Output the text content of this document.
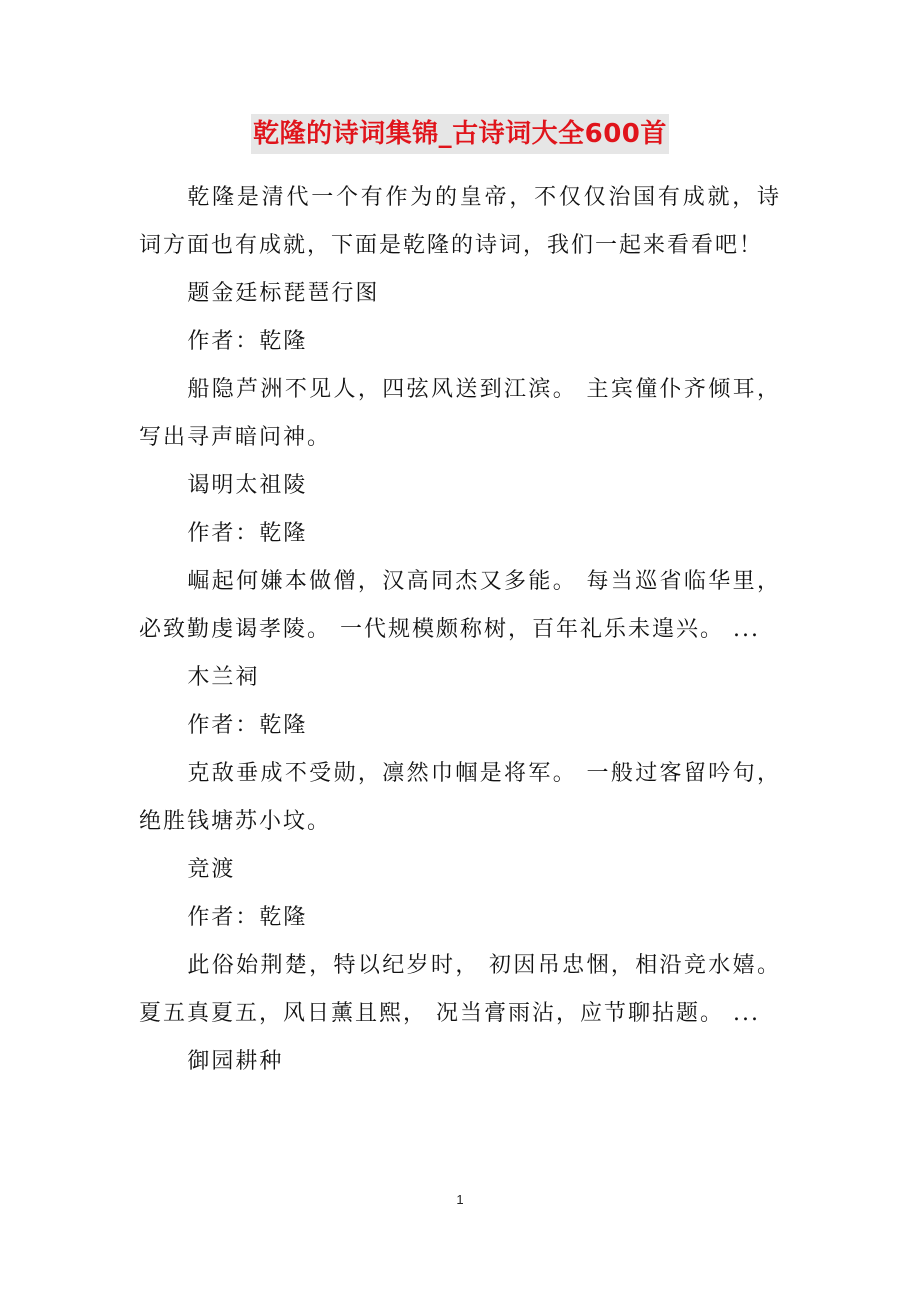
乾隆的诗词集锦_古诗词大全600首

乾隆是清代一个有作为的皇帝，不仅仅治国有成就，诗词方面也有成就，下面是乾隆的诗词，我们一起来看看吧！

题金廷标琵琶行图

作者：乾隆

船隐芦洲不见人，四弦风送到江滨。 主宾僮仆齐倾耳，写出寻声暗问神。

谒明太祖陵

作者：乾隆

崛起何嫌本做僧，汉高同杰又多能。 每当巡省临华里，必致勤虔谒孝陵。 一代规模颇称树，百年礼乐未遑兴。 ...

木兰祠

作者：乾隆

克敌垂成不受勋，凛然巾帼是将军。 一般过客留吟句，绝胜钱塘苏小坟。

竞渡

作者：乾隆

此俗始荆楚，特以纪岁时， 初因吊忠悃，相沿竞水嬉。 夏五真夏五，风日薰且熙， 况当膏雨沾，应节聊拈题。 ...

御园耕种

1
